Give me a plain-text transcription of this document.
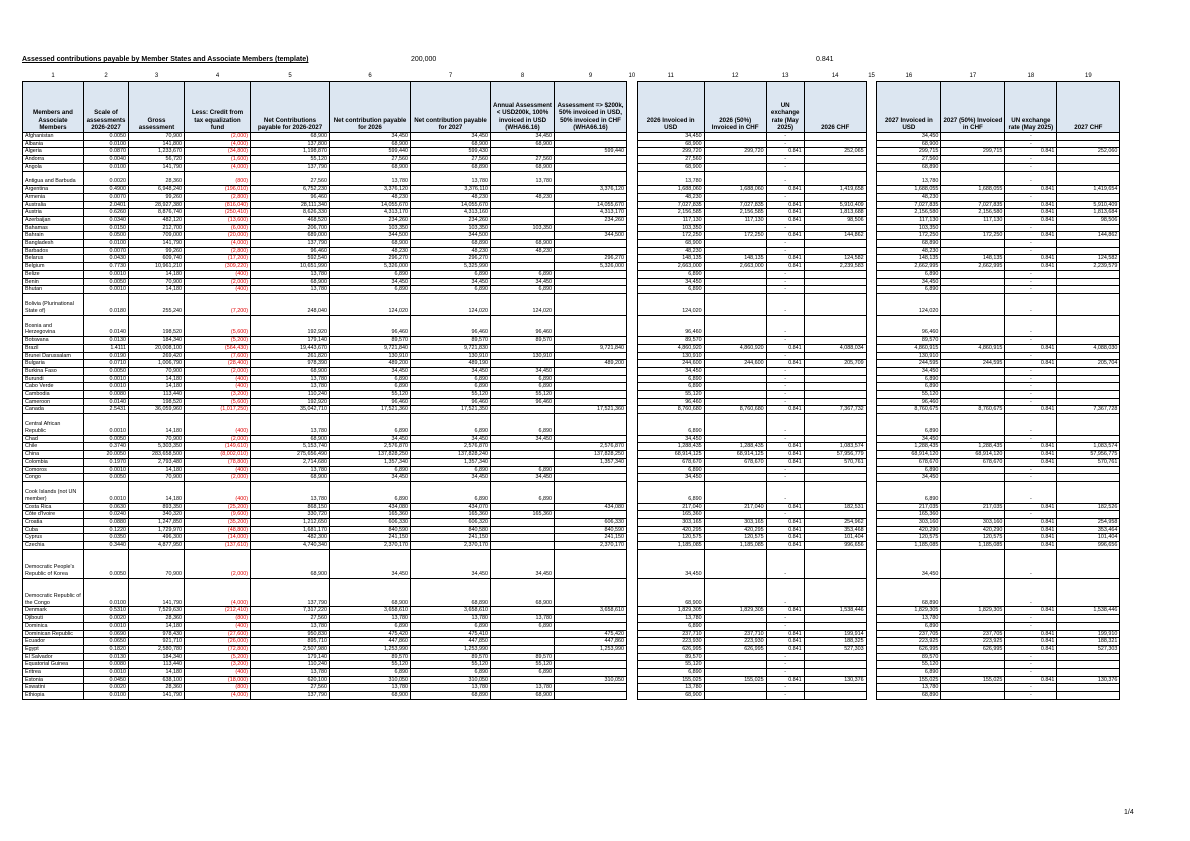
Assessed contributions payable by Member States and Associate Members (template)	200,000	0.841
1	2	3	4	5	6	7	8	9	10	11	12	13	14	15	16	17	18	19
Members and Associate Members	Scale of assessments 2026-2027	Gross assessment	Less: Credit from tax equalization fund	Net Contributions payable for 2026-2027	Net contribution payable for 2026	Net contribution payable for 2027	Annual Assessment < USD200k, 100% invoiced in USD (WHA66.16)	Assessment => $200k, 50% invoiced in USD, 50% invoiced in CHF (WHA66.16)		2026 Invoiced in USD	2026 (50%) Invoiced in CHF	UN exchange rate (May 2025)	2026 CHF		2027 Invoiced in USD	2027 (50%) Invoiced in CHF	UN exchange rate (May 2025)	2027 CHF
Afghanistan	0.0050	70,900	(2,000)	68,900	34,450	34,450	34,450			34,450		-			34,450		-	
Albania	0.0100	141,800	(4,000)	137,800	68,900	68,900	68,900			68,900		-			68,900		-	
Algeria	0.0870	1,233,670	(34,800)	1,198,870	599,440	599,430		599,440		299,720	299,720	0.841	252,065		299,715	299,715	0.841	252,060
Andorra	0.0040	56,720	(1,600)	55,120	27,560	27,560	27,560			27,560		-			27,560		-	
Angola	0.0100	141,790	(4,000)	137,790	68,900	68,890	68,900			68,900		-			68,890		-	
Antigua and Barbuda	0.0020	28,360	(800)	27,560	13,780	13,780	13,780			13,780		-			13,780		-	
Argentina	0.4900	6,948,240	(196,010)	6,752,230	3,376,120	3,376,110		3,376,120		1,688,060	1,688,060	0.841	1,419,658		1,688,055	1,688,055	0.841	1,419,654
Armenia	0.0070	99,260	(2,800)	96,460	48,230	48,230	48,230			48,230		-			48,230		-	
Australia	2.0401	28,927,380	(816,040)	28,111,340	14,055,670	14,055,670		14,055,670		7,027,835	7,027,835	0.841	5,910,409		7,027,835	7,027,835	0.841	5,910,409
Austria	0.6260	8,876,740	(250,410)	8,626,330	4,313,170	4,313,160		4,313,170		2,156,585	2,156,585	0.841	1,813,688		2,156,580	2,156,580	0.841	1,813,684
Azerbaijan	0.0340	482,120	(13,600)	468,520	234,260	234,260		234,260		117,130	117,130	0.841	98,506		117,130	117,130	0.841	98,506
Bahamas	0.0150	212,700	(6,000)	206,700	103,350	103,350	103,350			103,350		-			103,350		-	
Bahrain	0.0500	709,000	(20,000)	689,000	344,500	344,500		344,500		172,250	172,250	0.841	144,862		172,250	172,250	0.841	144,862
Bangladesh	0.0100	141,790	(4,000)	137,790	68,900	68,890	68,900			68,900		-			68,890		-	
Barbados	0.0070	99,260	(2,800)	96,460	48,230	48,230	48,230			48,230		-			48,230		-	
Belarus	0.0430	609,740	(17,200)	592,540	296,270	296,270		296,270		148,135	148,135	0.841	124,582		148,135	148,135	0.841	124,582
Belgium	0.7730	10,961,210	(309,220)	10,651,990	5,326,000	5,325,990		5,326,000		2,663,000	2,663,000	0.841	2,239,583		2,662,995	2,662,995	0.841	2,239,579
Belize	0.0010	14,180	(400)	13,780	6,890	6,890	6,890			6,890		-			6,890		-	
Benin	0.0050	70,900	(2,000)	68,900	34,450	34,450	34,450			34,450		-			34,450		-	
Bhutan	0.0010	14,180	(400)	13,780	6,890	6,890	6,890			6,890		-			6,890		-	
Bolivia (Plurinational State of)	0.0180	255,240	(7,200)	248,040	124,020	124,020	124,020			124,020		-			124,020		-	
Bosnia and Herzegovina	0.0140	198,520	(5,600)	192,920	96,460	96,460	96,460			96,460		-			96,460		-	
Botswana	0.0130	184,340	(5,200)	179,140	89,570	89,570	89,570			89,570		-			89,570		-	
Brazil	1.4111	20,008,100	(564,430)	19,443,670	9,721,840	9,721,830		9,721,840		4,860,920	4,860,920	0.841	4,088,034		4,860,915	4,860,915	0.841	4,088,030
Brunei Darussalam	0.0190	269,420	(7,600)	261,820	130,910	130,910	130,910			130,910		-			130,910		-	
Bulgaria	0.0710	1,006,790	(28,400)	978,390	489,200	489,190		489,200		244,600	244,600	0.841	205,709		244,595	244,595	0.841	205,704
Burkina Faso	0.0050	70,900	(2,000)	68,900	34,450	34,450	34,450			34,450		-			34,450		-	
Burundi	0.0010	14,180	(400)	13,780	6,890	6,890	6,890			6,890		-			6,890		-	
Cabo Verde	0.0010	14,180	(400)	13,780	6,890	6,890	6,890			6,890		-			6,890		-	
Cambodia	0.0080	113,440	(3,200)	110,240	55,120	55,120	55,120			55,120		-			55,120		-	
Cameroon	0.0140	198,520	(5,600)	192,920	96,460	96,460	96,460			96,460		-			96,460		-	
Canada	2.5431	36,059,960	(1,017,250)	35,042,710	17,521,360	17,521,350		17,521,360		8,760,680	8,760,680	0.841	7,367,732		8,760,675	8,760,675	0.841	7,367,728
Central African Republic	0.0010	14,180	(400)	13,780	6,890	6,890	6,890			6,890		-			6,890		-	
Chad	0.0050	70,900	(2,000)	68,900	34,450	34,450	34,450			34,450		-			34,450		-	
Chile	0.3740	5,303,350	(149,610)	5,153,740	2,576,870	2,576,870		2,576,870		1,288,435	1,288,435	0.841	1,083,574		1,288,435	1,288,435	0.841	1,083,574
China	20.0050	283,658,500	(8,002,010)	275,656,490	137,828,250	137,828,240		137,828,250		68,914,125	68,914,125	0.841	57,956,779		68,914,120	68,914,120	0.841	57,956,775
Colombia	0.1970	2,793,480	(78,800)	2,714,680	1,357,340	1,357,340		1,357,340		678,670	678,670	0.841	570,761		678,670	678,670	0.841	570,761
Comoros	0.0010	14,180	(400)	13,780	6,890	6,890	6,890			6,890		-			6,890		-	
Congo	0.0050	70,900	(2,000)	68,900	34,450	34,450	34,450			34,450		-			34,450		-	
Cook Islands (not UN member)	0.0010	14,180	(400)	13,780	6,890	6,890	6,890			6,890		-			6,890		-	
Costa Rica	0.0630	893,350	(25,200)	868,150	434,080	434,070		434,080		217,040	217,040	0.841	182,531		217,035	217,035	0.841	182,526
Côte d'Ivoire	0.0240	340,320	(9,600)	330,720	165,360	165,360	165,360			165,360		-			165,360		-	
Croatia	0.0880	1,247,850	(35,200)	1,212,650	606,330	606,320		606,330		303,165	303,165	0.841	254,962		303,160	303,160	0.841	254,958
Cuba	0.1220	1,729,970	(48,800)	1,681,170	840,590	840,580		840,590		420,295	420,295	0.841	353,468		420,290	420,290	0.841	353,464
Cyprus	0.0350	496,300	(14,000)	482,300	241,150	241,150		241,150		120,575	120,575	0.841	101,404		120,575	120,575	0.841	101,404
Czechia	0.3440	4,877,950	(137,610)	4,740,340	2,370,170	2,370,170		2,370,170		1,185,085	1,185,085	0.841	996,656		1,185,085	1,185,085	0.841	996,656
Democratic People's Republic of Korea	0.0050	70,900	(2,000)	68,900	34,450	34,450	34,450			34,450		-			34,450		-	
Democratic Republic of the Congo	0.0100	141,790	(4,000)	137,790	68,900	68,890	68,900			68,900		-			68,890		-	
Denmark	0.5310	7,529,630	(212,410)	7,317,220	3,658,610	3,658,610		3,658,610		1,829,305	1,829,305	0.841	1,538,446		1,829,305	1,829,305	0.841	1,538,446
Djibouti	0.0020	28,360	(800)	27,560	13,780	13,780	13,780			13,780		-			13,780		-	
Dominica	0.0010	14,180	(400)	13,780	6,890	6,890	6,890			6,890		-			6,890		-	
Dominican Republic	0.0690	978,430	(27,600)	950,830	475,420	475,410		475,420		237,710	237,710	0.841	199,914		237,705	237,705	0.841	199,910
Ecuador	0.0650	921,710	(26,000)	895,710	447,860	447,850		447,860		223,930	223,930	0.841	188,325		223,925	223,925	0.841	188,321
Egypt	0.1820	2,580,780	(72,800)	2,507,980	1,253,990	1,253,990		1,253,990		626,995	626,995	0.841	527,303		626,995	626,995	0.841	527,303
El Salvador	0.0130	184,340	(5,200)	179,140	89,570	89,570	89,570			89,570		-			89,570		-	
Equatorial Guinea	0.0080	113,440	(3,200)	110,240	55,120	55,120	55,120			55,120		-			55,120		-	
Eritrea	0.0010	14,180	(400)	13,780	6,890	6,890	6,890			6,890		-			6,890		-	
Estonia	0.0450	638,100	(18,000)	620,100	310,050	310,050		310,050		155,025	155,025	0.841	130,376		155,025	155,025	0.841	130,376
Eswatini	0.0020	28,360	(800)	27,560	13,780	13,780	13,780			13,780		-			13,780		-	
Ethiopia	0.0100	141,790	(4,000)	137,790	68,900	68,890	68,900			68,900		-			68,890		-	
1/4
